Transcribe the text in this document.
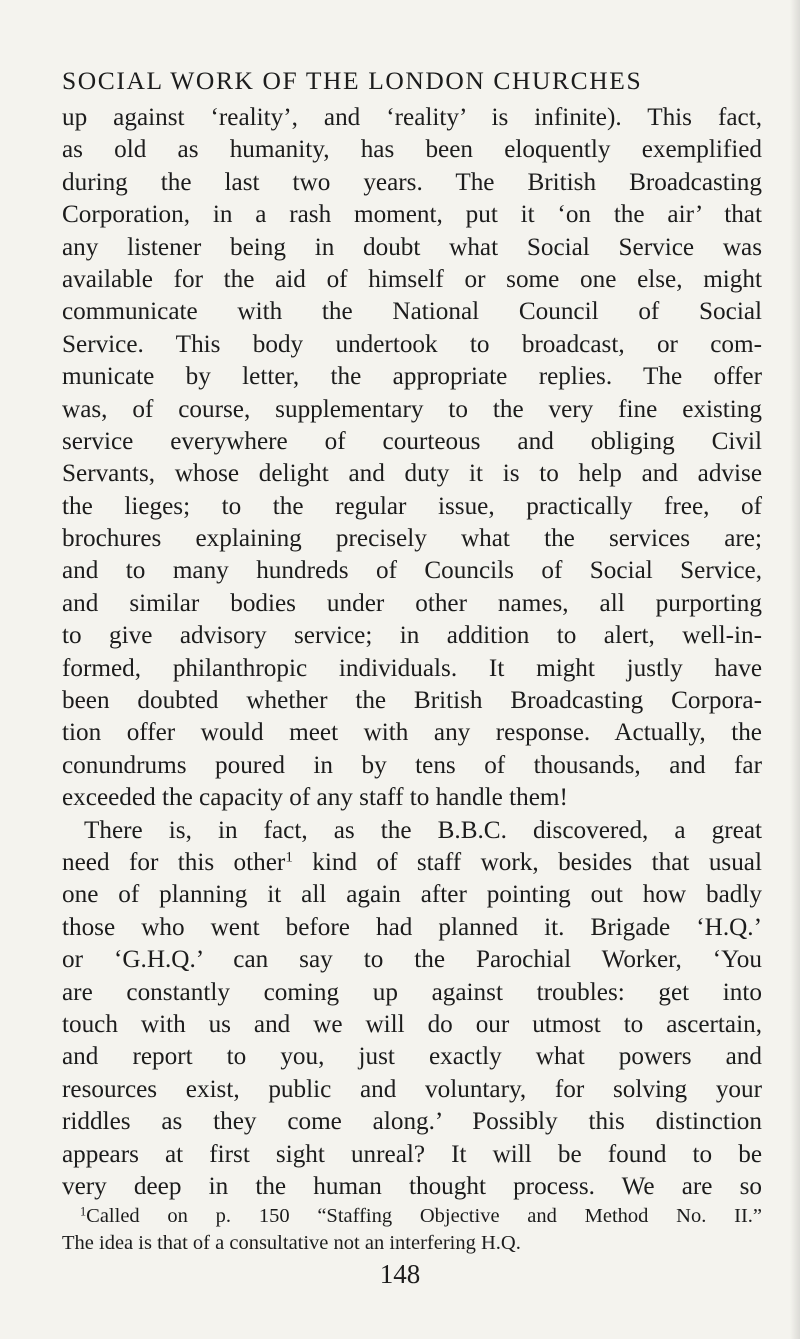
SOCIAL WORK OF THE LONDON CHURCHES
up against ‘reality’, and ‘reality’ is infinite). This fact,
as old as humanity, has been eloquently exemplified
during the last two years. The British Broadcasting
Corporation, in a rash moment, put it ‘on the air’ that
any listener being in doubt what Social Service was
available for the aid of himself or some one else, might
communicate with the National Council of Social
Service. This body undertook to broadcast, or com-
municate by letter, the appropriate replies. The offer
was, of course, supplementary to the very fine existing
service everywhere of courteous and obliging Civil
Servants, whose delight and duty it is to help and advise
the lieges; to the regular issue, practically free, of
brochures explaining precisely what the services are;
and to many hundreds of Councils of Social Service,
and similar bodies under other names, all purporting
to give advisory service; in addition to alert, well-in-
formed, philanthropic individuals. It might justly have
been doubted whether the British Broadcasting Corpora-
tion offer would meet with any response. Actually, the
conundrums poured in by tens of thousands, and far
exceeded the capacity of any staff to handle them!
There is, in fact, as the B.B.C. discovered, a great
need for this other$^1$ kind of staff work, besides that usual
one of planning it all again after pointing out how badly
those who went before had planned it. Brigade ‘H.Q.’
or ‘G.H.Q.’ can say to the Parochial Worker, ‘You
are constantly coming up against troubles: get into
touch with us and we will do our utmost to ascertain,
and report to you, just exactly what powers and
resources exist, public and voluntary, for solving your
riddles as they come along.’ Possibly this distinction
appears at first sight unreal? It will be found to be
very deep in the human thought process. We are so
$^1$Called on p. 150 “Staffing Objective and Method No. II.”
The idea is that of a consultative not an interfering H.Q.
148
